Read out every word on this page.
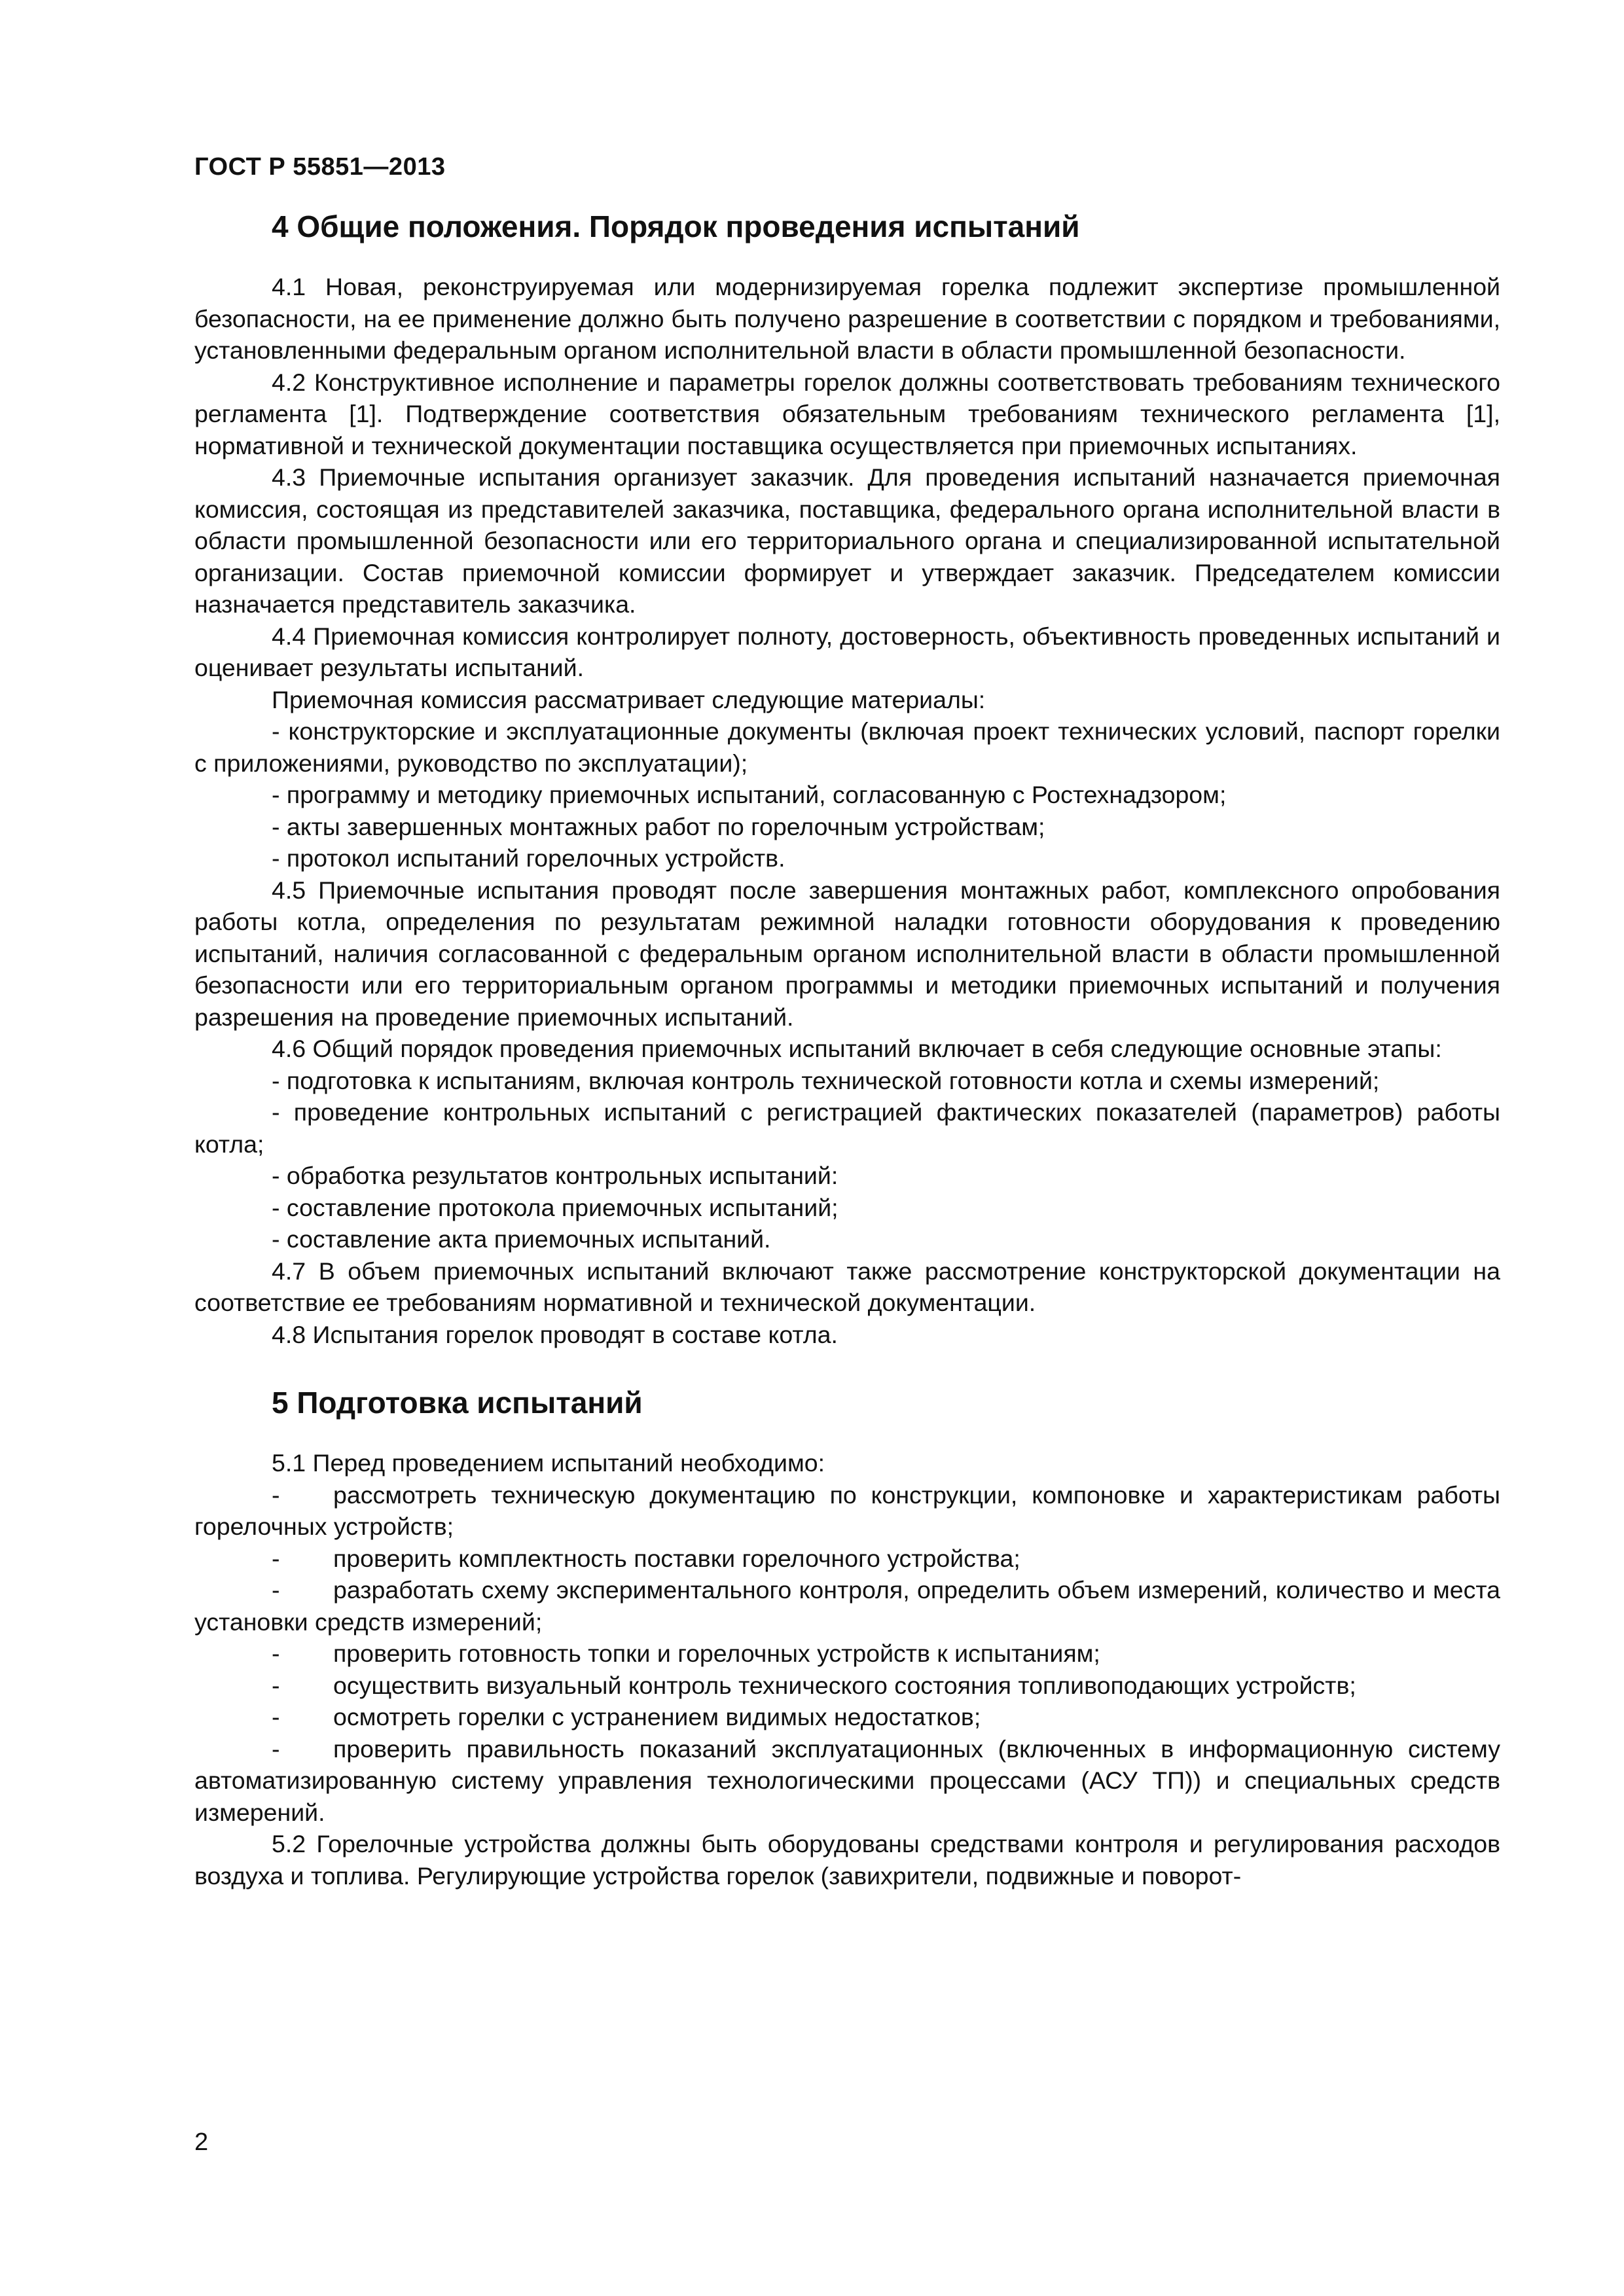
ГОСТ Р 55851—2013
4 Общие положения. Порядок проведения испытаний

4.1 Новая, реконструируемая или модернизируемая горелка подлежит экспертизе промышленной безопасности, на ее применение должно быть получено разрешение в соответствии с порядком и требованиями, установленными федеральным органом исполнительной власти в области промышленной безопасности.

4.2 Конструктивное исполнение и параметры горелок должны соответствовать требованиям технического регламента [1]. Подтверждение соответствия обязательным требованиям технического регламента [1], нормативной и технической документации поставщика осуществляется при приемочных испытаниях.

4.3 Приемочные испытания организует заказчик. Для проведения испытаний назначается приемочная комиссия, состоящая из представителей заказчика, поставщика, федерального органа исполнительной власти в области промышленной безопасности или его территориального органа и специализированной испытательной организации. Состав приемочной комиссии формирует и утверждает заказчик. Председателем комиссии назначается представитель заказчика.

4.4 Приемочная комиссия контролирует полноту, достоверность, объективность проведенных испытаний и оценивает результаты испытаний.

Приемочная комиссия рассматривает следующие материалы:

- конструкторские и эксплуатационные документы (включая проект технических условий, паспорт горелки с приложениями, руководство по эксплуатации);

- программу и методику приемочных испытаний, согласованную с Ростехнадзором;

- акты завершенных монтажных работ по горелочным устройствам;

- протокол испытаний горелочных устройств.

4.5 Приемочные испытания проводят после завершения монтажных работ, комплексного опробования работы котла, определения по результатам режимной наладки готовности оборудования к проведению испытаний, наличия согласованной с федеральным органом исполнительной власти в области промышленной безопасности или его территориальным органом программы и методики приемочных испытаний и получения разрешения на проведение приемочных испытаний.

4.6 Общий порядок проведения приемочных испытаний включает в себя следующие основные этапы:

- подготовка к испытаниям, включая контроль технической готовности котла и схемы измерений;

- проведение контрольных испытаний с регистрацией фактических показателей (параметров) работы котла;

- обработка результатов контрольных испытаний:

- составление протокола приемочных испытаний;

- составление акта приемочных испытаний.

4.7 В объем приемочных испытаний включают также рассмотрение конструкторской документации на соответствие ее требованиям нормативной и технической документации.

4.8 Испытания горелок проводят в составе котла.

5 Подготовка испытаний

5.1 Перед проведением испытаний необходимо:

- рассмотреть техническую документацию по конструкции, компоновке и характеристикам работы горелочных устройств;

- проверить комплектность поставки горелочного устройства;

- разработать схему экспериментального контроля, определить объем измерений, количество и места установки средств измерений;

- проверить готовность топки и горелочных устройств к испытаниям;

- осуществить визуальный контроль технического состояния топливоподающих устройств;

- осмотреть горелки с устранением видимых недостатков;

- проверить правильность показаний эксплуатационных (включенных в информационную систему автоматизированную систему управления технологическими процессами (АСУ ТП)) и специальных средств измерений.

5.2 Горелочные устройства должны быть оборудованы средствами контроля и регулирования расходов воздуха и топлива. Регулирующие устройства горелок (завихрители, подвижные и поворот-

2
